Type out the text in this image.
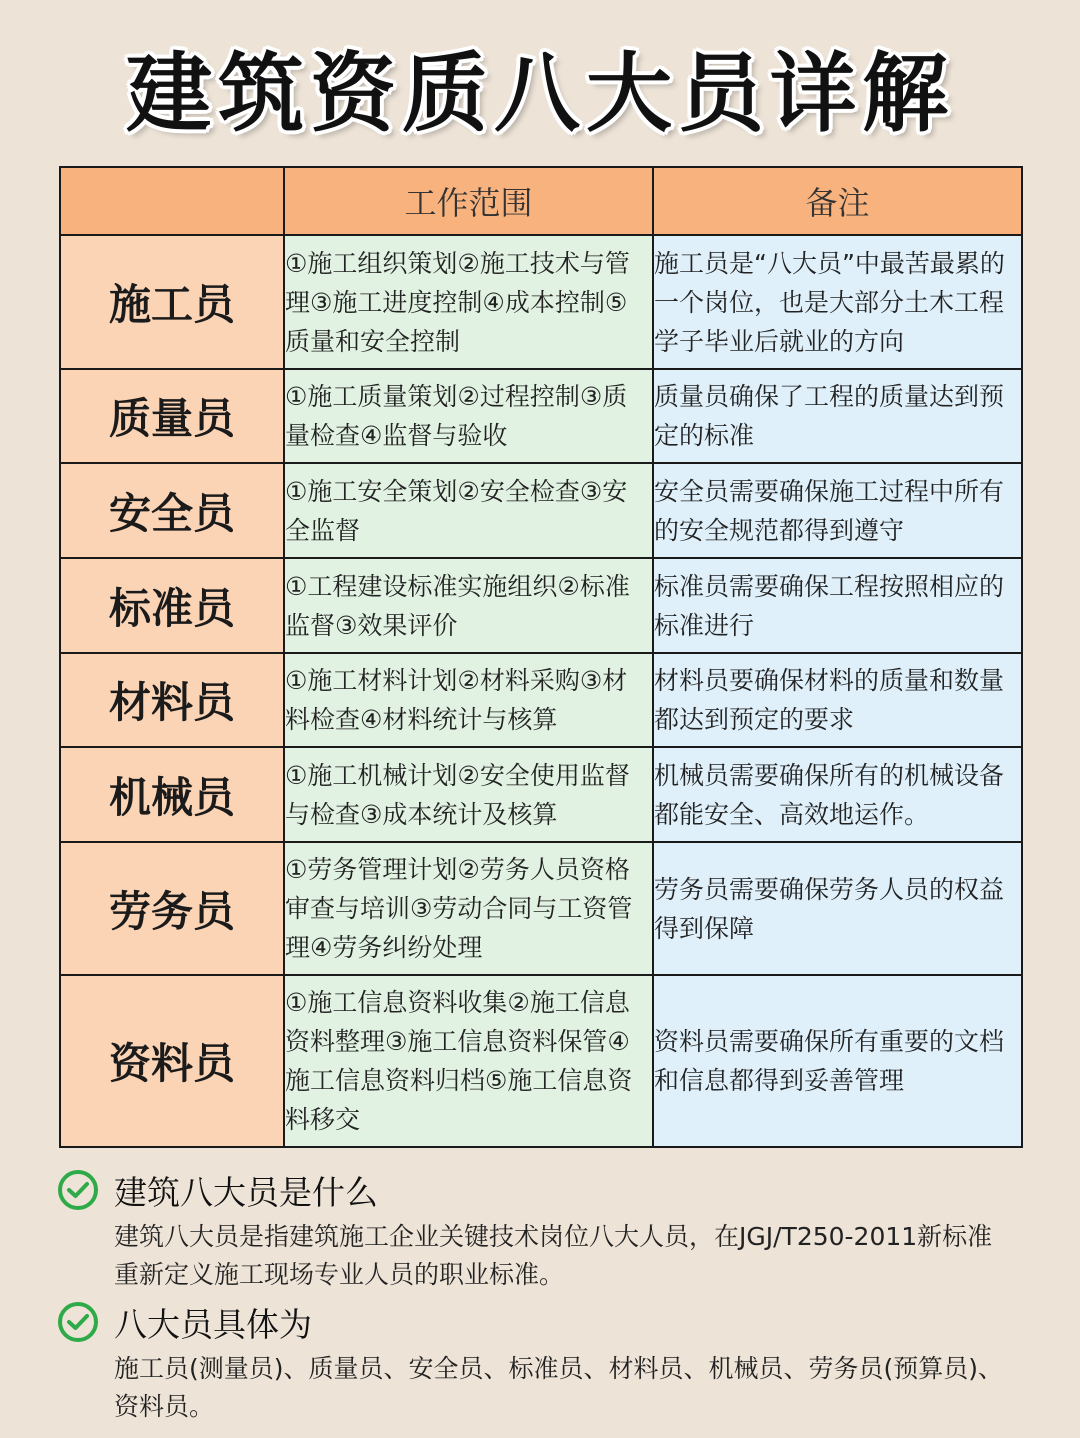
建筑资质八大员详解
	工作范围	备注
施工员	①施工组织策划②施工技术与管理③施工进度控制④成本控制⑤质量和安全控制	施工员是“八大员”中最苦最累的一个岗位，也是大部分土木工程学子毕业后就业的方向
质量员	①施工质量策划②过程控制③质量检查④监督与验收	质量员确保了工程的质量达到预定的标准
安全员	①施工安全策划②安全检查③安全监督	安全员需要确保施工过程中所有的安全规范都得到遵守
标准员	①工程建设标准实施组织②标准监督③效果评价	标准员需要确保工程按照相应的标准进行
材料员	①施工材料计划②材料采购③材料检查④材料统计与核算	材料员要确保材料的质量和数量都达到预定的要求
机械员	①施工机械计划②安全使用监督与检查③成本统计及核算	机械员需要确保所有的机械设备都能安全、高效地运作。
劳务员	①劳务管理计划②劳务人员资格审查与培训③劳动合同与工资管理④劳务纠纷处理	劳务员需要确保劳务人员的权益得到保障
资料员	①施工信息资料收集②施工信息资料整理③施工信息资料保管④施工信息资料归档⑤施工信息资料移交	资料员需要确保所有重要的文档和信息都得到妥善管理
建筑八大员是什么
建筑八大员是指建筑施工企业关键技术岗位八大人员，在JGJ/T250-2011新标准重新定义施工现场专业人员的职业标准。
八大员具体为
施工员(测量员)、质量员、安全员、标准员、材料员、机械员、劳务员(预算员)、资料员。
